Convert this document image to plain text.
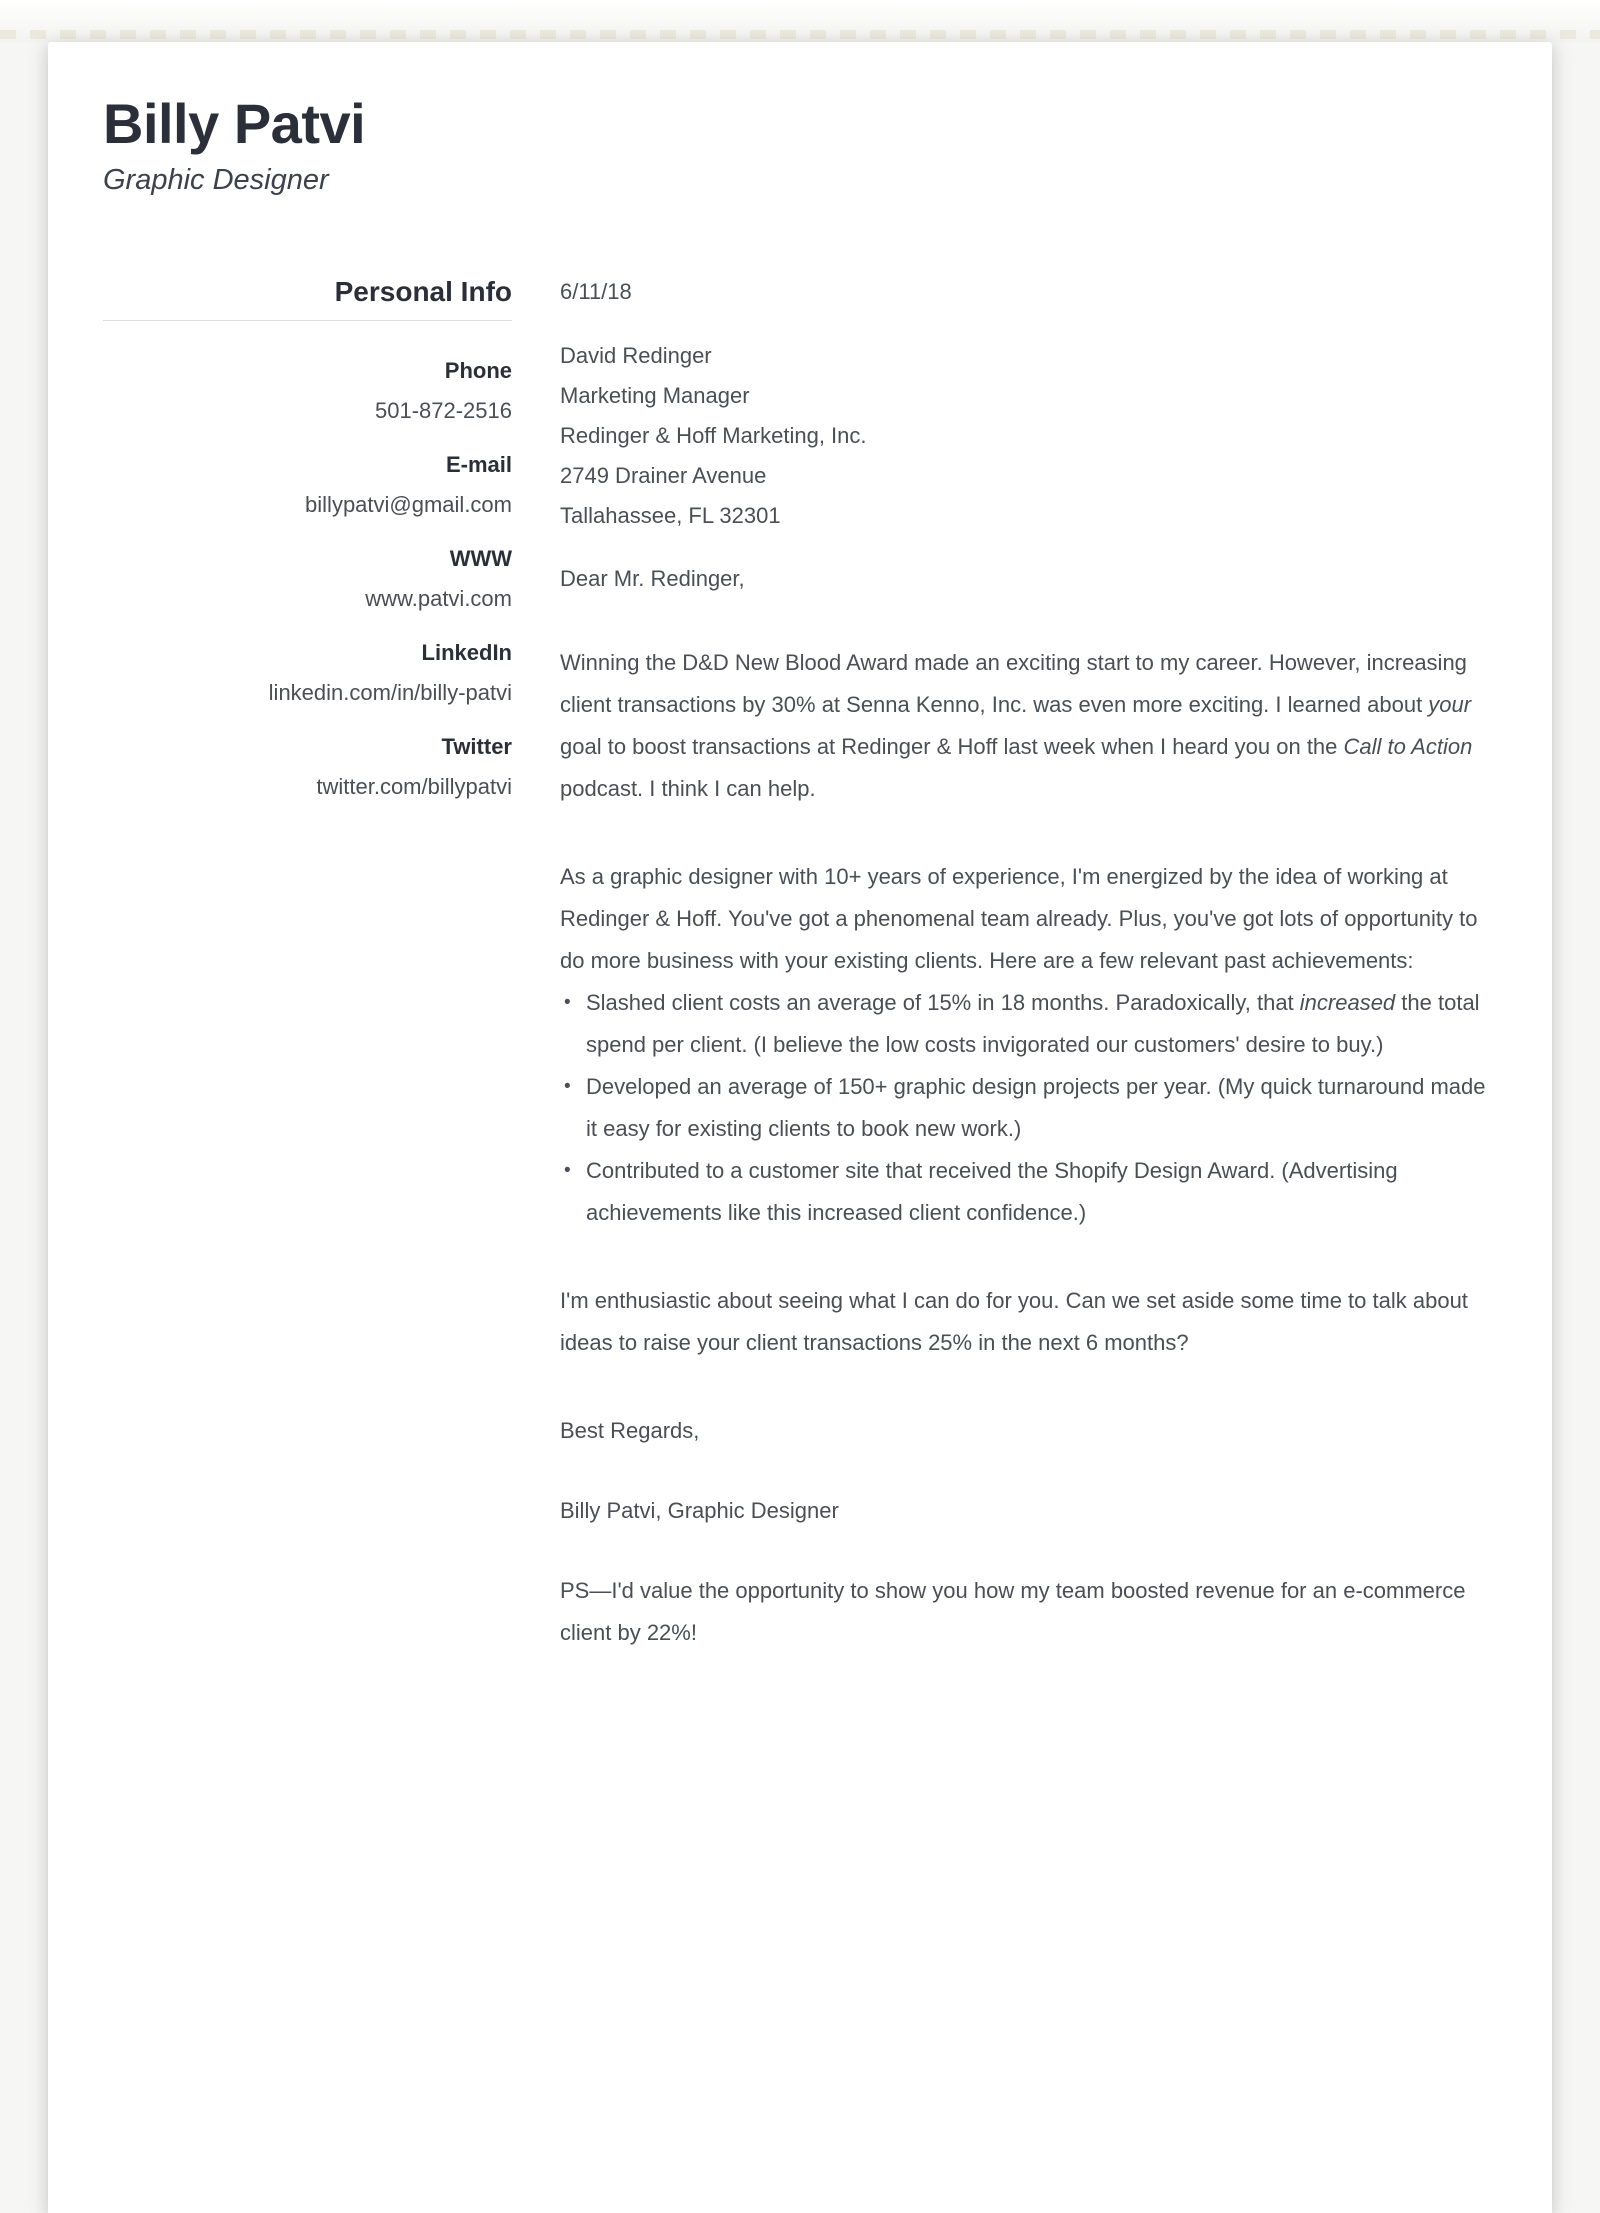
Billy Patvi
Graphic Designer
Personal Info
Phone
501-872-2516
E-mail
billypatvi@gmail.com
WWW
www.patvi.com
LinkedIn
linkedin.com/in/billy-patvi
Twitter
twitter.com/billypatvi
6/11/18
David Redinger
Marketing Manager
Redinger & Hoff Marketing, Inc.
2749 Drainer Avenue
Tallahassee, FL 32301
Dear Mr. Redinger,

Winning the D&D New Blood Award made an exciting start to my career. However, increasing client transactions by 30% at Senna Kenno, Inc. was even more exciting. I learned about your goal to boost transactions at Redinger & Hoff last week when I heard you on the Call to Action podcast. I think I can help.

As a graphic designer with 10+ years of experience, I'm energized by the idea of working at Redinger & Hoff. You've got a phenomenal team already. Plus, you've got lots of opportunity to do more business with your existing clients. Here are a few relevant past achievements:

• Slashed client costs an average of 15% in 18 months. Paradoxically, that increased the total spend per client. (I believe the low costs invigorated our customers' desire to buy.)
• Developed an average of 150+ graphic design projects per year. (My quick turnaround made it easy for existing clients to book new work.)
• Contributed to a customer site that received the Shopify Design Award. (Advertising achievements like this increased client confidence.)

I'm enthusiastic about seeing what I can do for you. Can we set aside some time to talk about ideas to raise your client transactions 25% in the next 6 months?

Best Regards,
Billy Patvi, Graphic Designer
PS—I'd value the opportunity to show you how my team boosted revenue for an e-commerce client by 22%!
